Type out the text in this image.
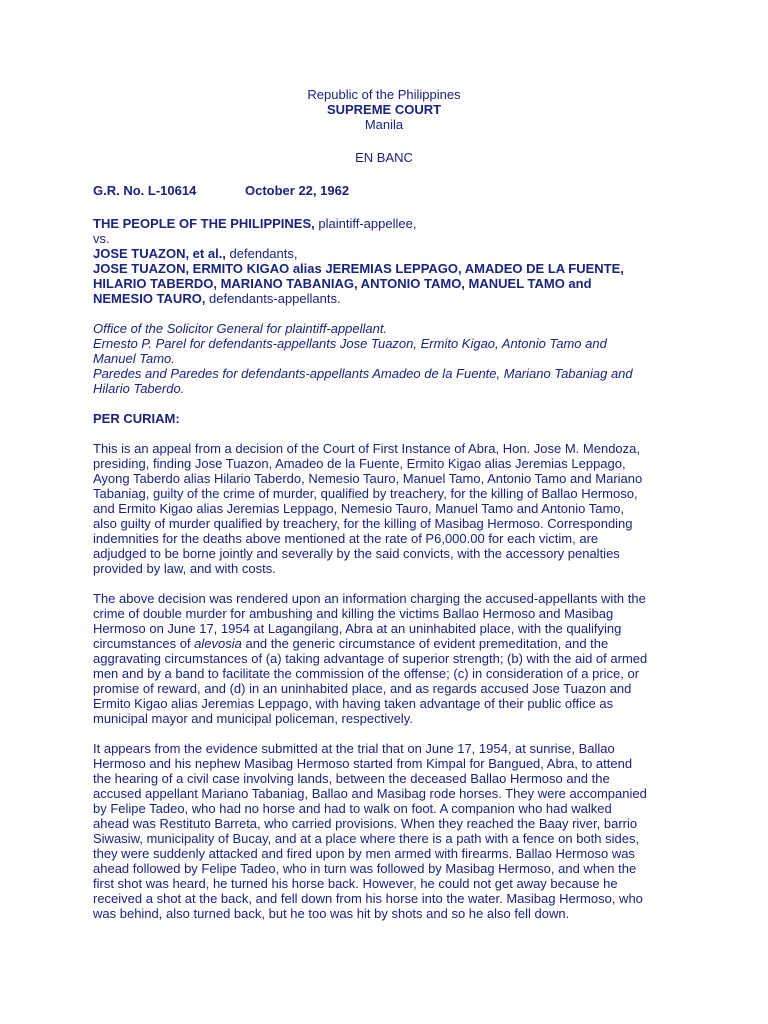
Republic of the Philippines
SUPREME COURT
Manila
EN BANC
G.R. No. L-10614	October 22, 1962
THE PEOPLE OF THE PHILIPPINES, plaintiff-appellee,
vs.
JOSE TUAZON, et al., defendants,
JOSE TUAZON, ERMITO KIGAO alias JEREMIAS LEPPAGO, AMADEO DE LA FUENTE,
HILARIO TABERDO, MARIANO TABANIAG, ANTONIO TAMO, MANUEL TAMO and
NEMESIO TAURO, defendants-appellants.
Office of the Solicitor General for plaintiff-appellant.
Ernesto P. Parel for defendants-appellants Jose Tuazon, Ermito Kigao, Antonio Tamo and
Manuel Tamo.
Paredes and Paredes for defendants-appellants Amadeo de la Fuente, Mariano Tabaniag and
Hilario Taberdo.
PER CURIAM:
This is an appeal from a decision of the Court of First Instance of Abra, Hon. Jose M. Mendoza,
presiding, finding Jose Tuazon, Amadeo de la Fuente, Ermito Kigao alias Jeremias Leppago,
Ayong Taberdo alias Hilario Taberdo, Nemesio Tauro, Manuel Tamo, Antonio Tamo and Mariano
Tabaniag, guilty of the crime of murder, qualified by treachery, for the killing of Ballao Hermoso,
and Ermito Kigao alias Jeremias Leppago, Nemesio Tauro, Manuel Tamo and Antonio Tamo,
also guilty of murder qualified by treachery, for the killing of Masibag Hermoso. Corresponding
indemnities for the deaths above mentioned at the rate of P6,000.00 for each victim, are
adjudged to be borne jointly and severally by the said convicts, with the accessory penalties
provided by law, and with costs.
The above decision was rendered upon an information charging the accused-appellants with the
crime of double murder for ambushing and killing the victims Ballao Hermoso and Masibag
Hermoso on June 17, 1954 at Lagangilang, Abra at an uninhabited place, with the qualifying
circumstances of alevosia and the generic circumstance of evident premeditation, and the
aggravating circumstances of (a) taking advantage of superior strength; (b) with the aid of armed
men and by a band to facilitate the commission of the offense; (c) in consideration of a price, or
promise of reward, and (d) in an uninhabited place, and as regards accused Jose Tuazon and
Ermito Kigao alias Jeremias Leppago, with having taken advantage of their public office as
municipal mayor and municipal policeman, respectively.
It appears from the evidence submitted at the trial that on June 17, 1954, at sunrise, Ballao
Hermoso and his nephew Masibag Hermoso started from Kimpal for Bangued, Abra, to attend
the hearing of a civil case involving lands, between the deceased Ballao Hermoso and the
accused appellant Mariano Tabaniag, Ballao and Masibag rode horses. They were accompanied
by Felipe Tadeo, who had no horse and had to walk on foot. A companion who had walked
ahead was Restituto Barreta, who carried provisions. When they reached the Baay river, barrio
Siwasiw, municipality of Bucay, and at a place where there is a path with a fence on both sides,
they were suddenly attacked and fired upon by men armed with firearms. Ballao Hermoso was
ahead followed by Felipe Tadeo, who in turn was followed by Masibag Hermoso, and when the
first shot was heard, he turned his horse back. However, he could not get away because he
received a shot at the back, and fell down from his horse into the water. Masibag Hermoso, who
was behind, also turned back, but he too was hit by shots and so he also fell down.
